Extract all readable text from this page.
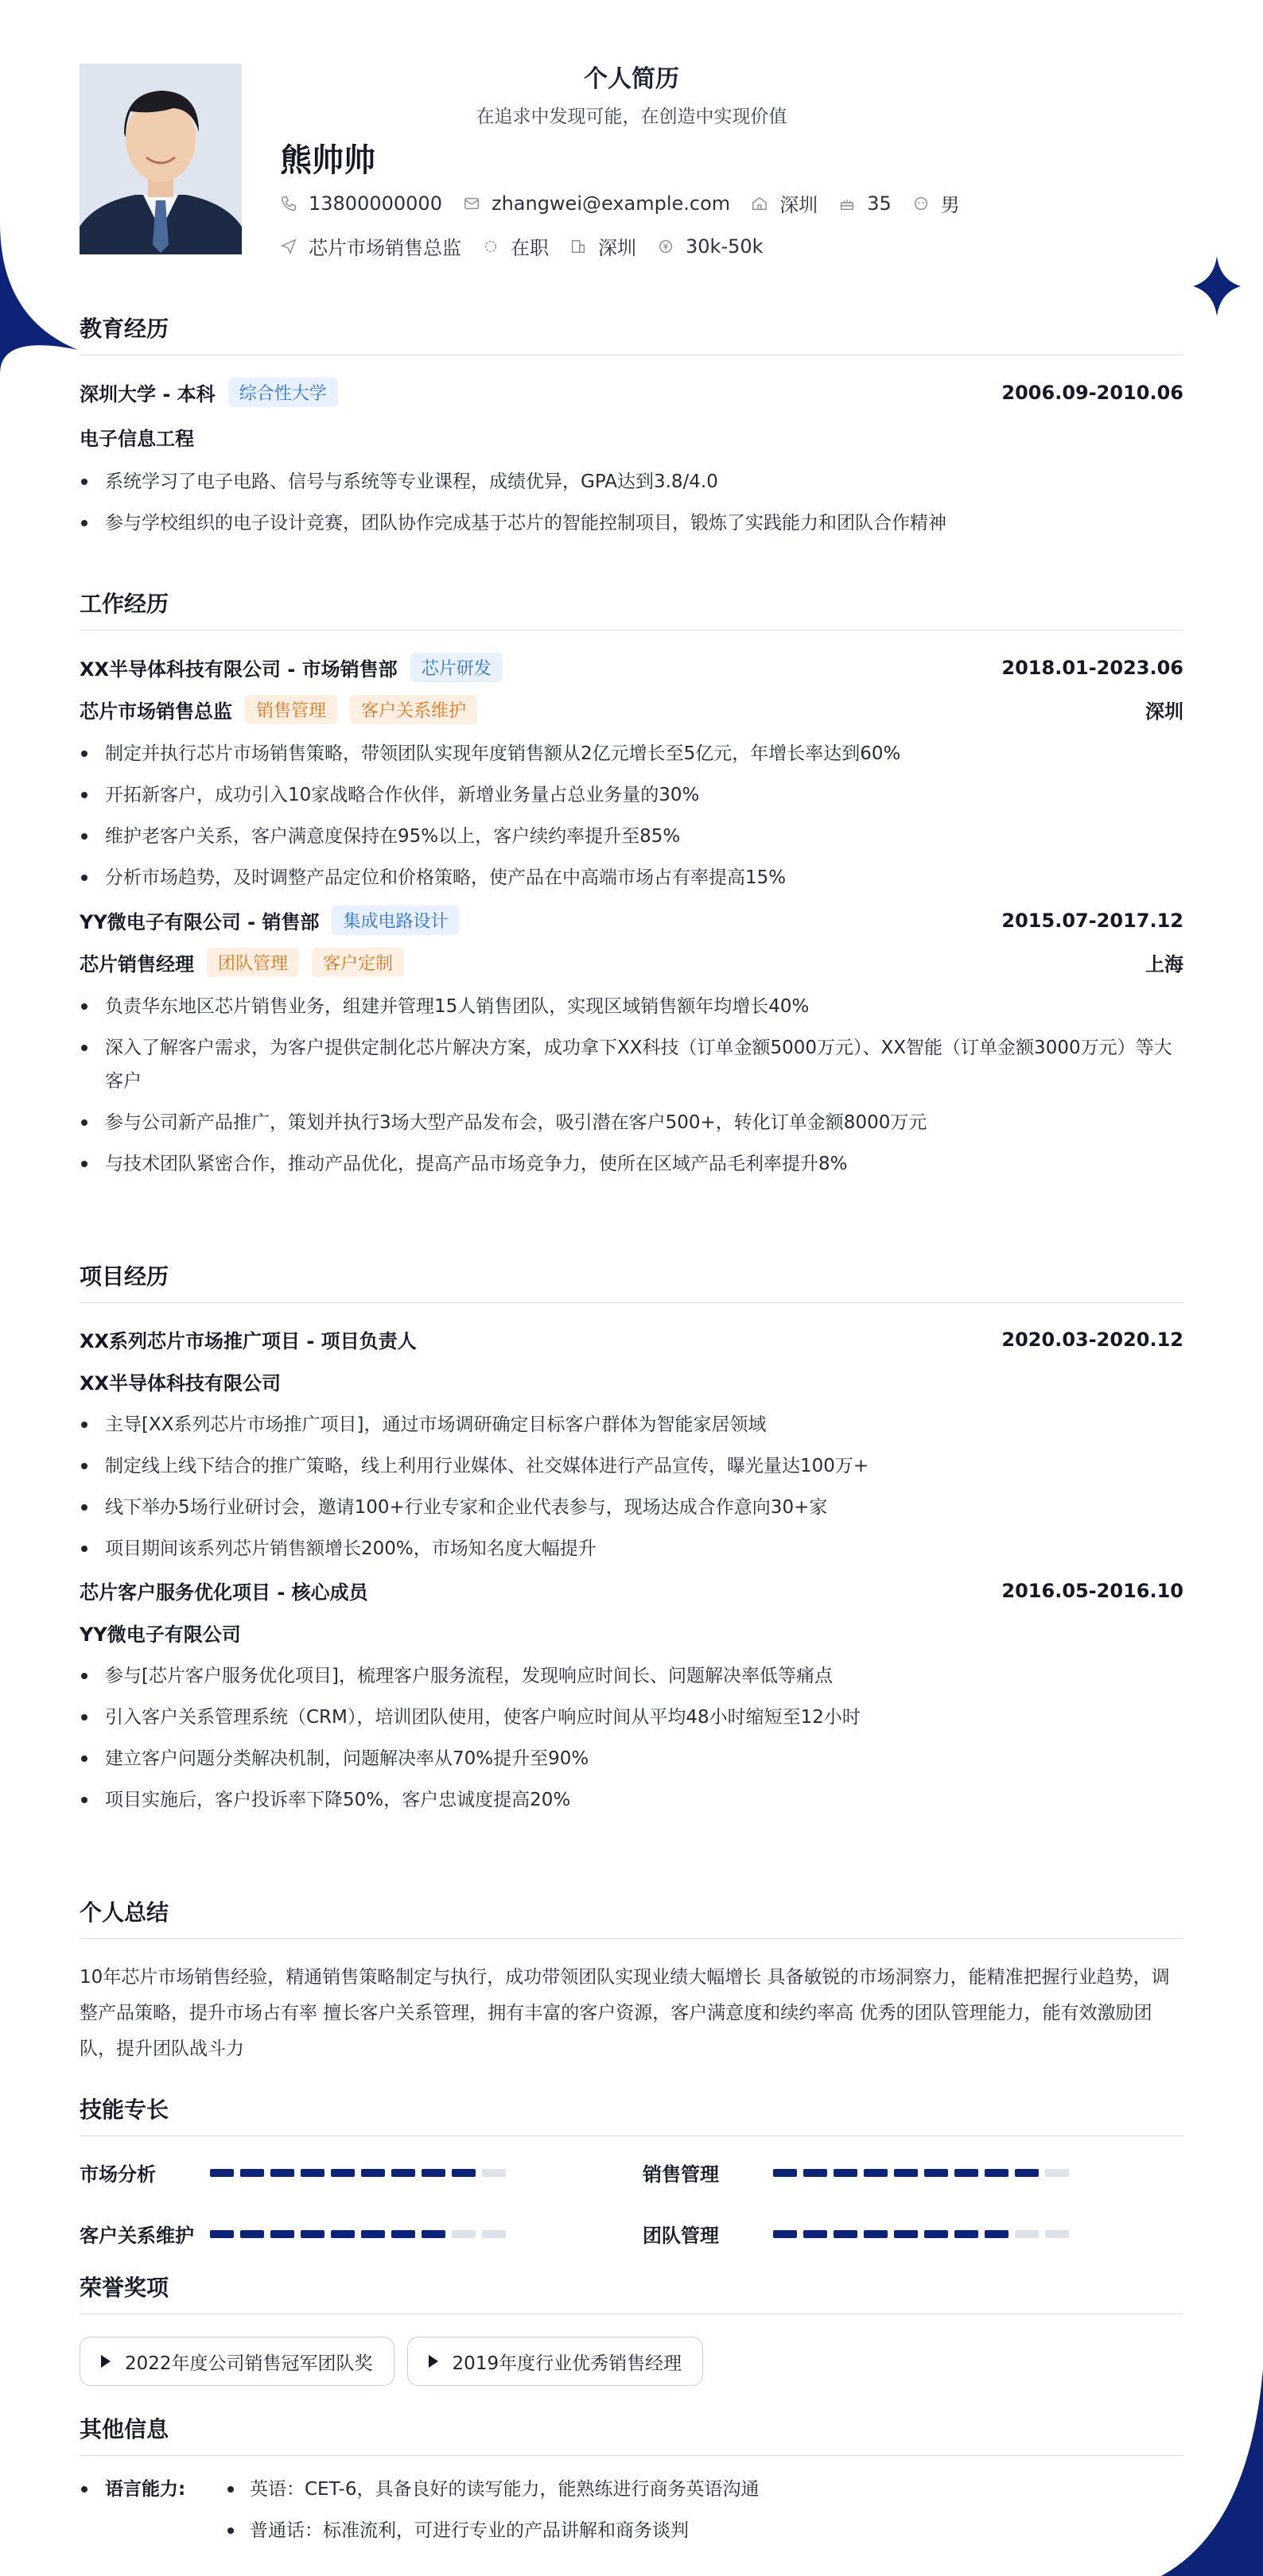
个人简历
在追求中发现可能，在创造中实现价值
熊帅帅
13800000000	zhangwei@example.com	深圳	35	男
芯片市场销售总监	在职	深圳	30k-50k
教育经历
深圳大学 - 本科	综合性大学	2006.09-2010.06
电子信息工程
系统学习了电子电路、信号与系统等专业课程，成绩优异，GPA达到3.8/4.0
参与学校组织的电子设计竞赛，团队协作完成基于芯片的智能控制项目，锻炼了实践能力和团队合作精神
工作经历
XX半导体科技有限公司 - 市场销售部	芯片研发	2018.01-2023.06
芯片市场销售总监	销售管理	客户关系维护	深圳
制定并执行芯片市场销售策略，带领团队实现年度销售额从2亿元增长至5亿元，年增长率达到60%
开拓新客户，成功引入10家战略合作伙伴，新增业务量占总业务量的30%
维护老客户关系，客户满意度保持在95%以上，客户续约率提升至85%
分析市场趋势，及时调整产品定位和价格策略，使产品在中高端市场占有率提高15%
YY微电子有限公司 - 销售部	集成电路设计	2015.07-2017.12
芯片销售经理	团队管理	客户定制	上海
负责华东地区芯片销售业务，组建并管理15人销售团队，实现区域销售额年均增长40%
深入了解客户需求，为客户提供定制化芯片解决方案，成功拿下XX科技（订单金额5000万元）、XX智能（订单金额3000万元）等大客户
参与公司新产品推广，策划并执行3场大型产品发布会，吸引潜在客户500+，转化订单金额8000万元
与技术团队紧密合作，推动产品优化，提高产品市场竞争力，使所在区域产品毛利率提升8%
项目经历
XX系列芯片市场推广项目 - 项目负责人	2020.03-2020.12
XX半导体科技有限公司
主导[XX系列芯片市场推广项目]，通过市场调研确定目标客户群体为智能家居领域
制定线上线下结合的推广策略，线上利用行业媒体、社交媒体进行产品宣传，曝光量达100万+
线下举办5场行业研讨会，邀请100+行业专家和企业代表参与，现场达成合作意向30+家
项目期间该系列芯片销售额增长200%，市场知名度大幅提升
芯片客户服务优化项目 - 核心成员	2016.05-2016.10
YY微电子有限公司
参与[芯片客户服务优化项目]，梳理客户服务流程，发现响应时间长、问题解决率低等痛点
引入客户关系管理系统（CRM），培训团队使用，使客户响应时间从平均48小时缩短至12小时
建立客户问题分类解决机制，问题解决率从70%提升至90%
项目实施后，客户投诉率下降50%，客户忠诚度提高20%
个人总结
10年芯片市场销售经验，精通销售策略制定与执行，成功带领团队实现业绩大幅增长 具备敏锐的市场洞察力，能精准把握行业趋势，调整产品策略，提升市场占有率 擅长客户关系管理，拥有丰富的客户资源，客户满意度和续约率高 优秀的团队管理能力，能有效激励团队，提升团队战斗力
技能专长
市场分析	销售管理
客户关系维护	团队管理
荣誉奖项
2022年度公司销售冠军团队奖	2019年度行业优秀销售经理
其他信息
语言能力:	英语：CET-6，具备良好的读写能力，能熟练进行商务英语沟通
普通话：标准流利，可进行专业的产品讲解和商务谈判
